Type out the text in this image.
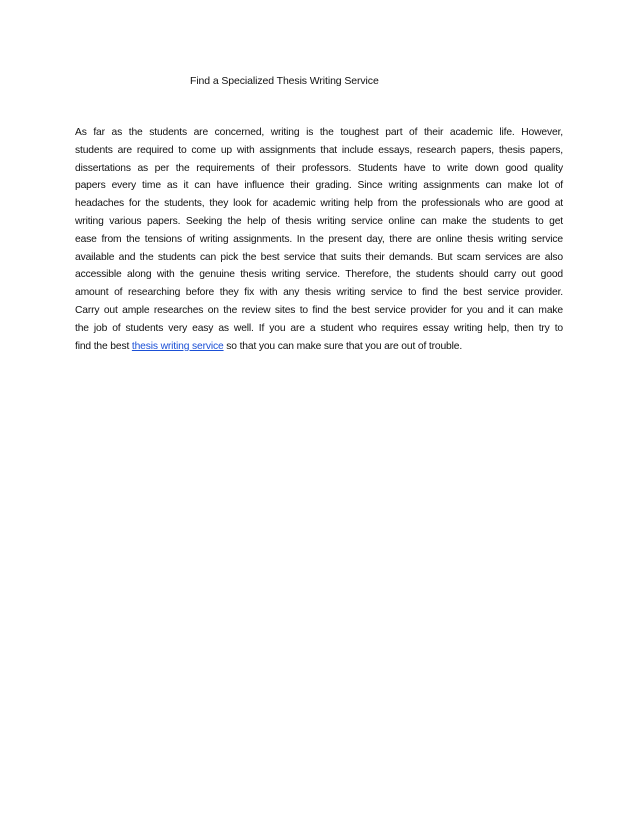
Find a Specialized Thesis Writing Service
As far as the students are concerned, writing is the toughest part of their academic life. However,
students are required to come up with assignments that include essays, research papers, thesis papers,
dissertations as per the requirements of their professors. Students have to write down good quality
papers every time as it can have influence their grading. Since writing assignments can make lot of
headaches for the students, they look for academic writing help from the professionals who are good at
writing various papers. Seeking the help of thesis writing service online can make the students to get
ease from the tensions of writing assignments. In the present day, there are online thesis writing service
available and the students can pick the best service that suits their demands. But scam services are also
accessible along with the genuine thesis writing service. Therefore, the students should carry out good
amount of researching before they fix with any thesis writing service to find the best service provider.
Carry out ample researches on the review sites to find the best service provider for you and it can make
the job of students very easy as well. If you are a student who requires essay writing help, then try to
find the best thesis writing service so that you can make sure that you are out of trouble.
